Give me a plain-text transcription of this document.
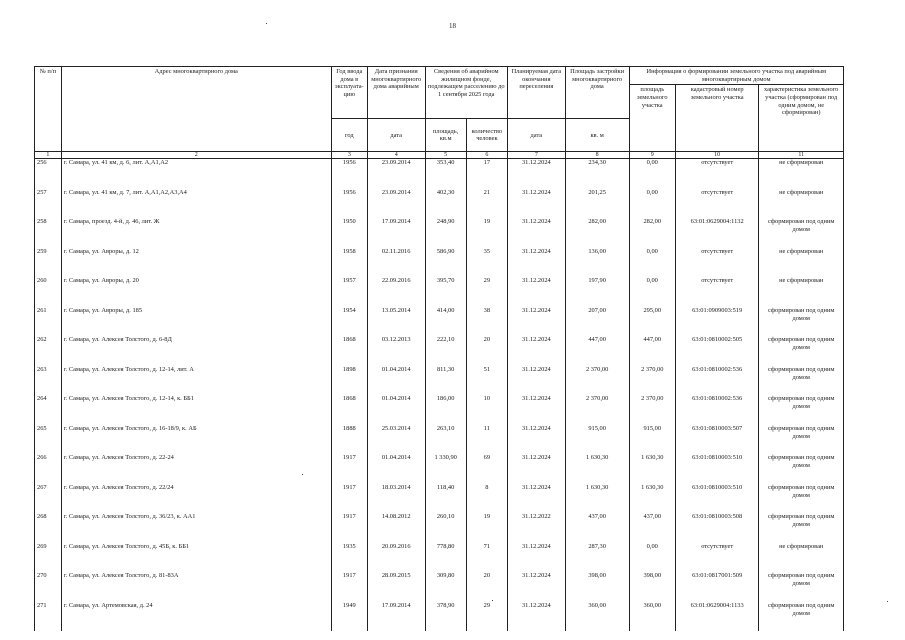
18
№ п/п	Адрес многоквартирного дома	Год ввода дома в эксплуата-цию	Дата признания многоквартирного дома аварийным	Сведения об аварийном жилищном фонде, подлежащем расселению до 1 сентября 2025 года		Планируемая дата окончания переселения	Площадь застройки многоквартирного дома	Информация о формировании земельного участка под аварийным многоквартирным домом		
								площадь земельного участка	кадастровый номер земельного участка	характеристика земельного участка (сформирован под одним домом, не сформирован)
		год	дата	площадь, кв.м	количество человек	дата	кв. м			
1	2	3	4	5	6	7	8	9	10	11
256	г. Самара, ул. 41 км, д. 6, лит. А,А1,А2	1956	23.09.2014	353,40	17	31.12.2024	234,30	0,00	отсутствует	не сформирован
257	г. Самара, ул. 41 км, д. 7, лит. А,А1,А2,А3,А4	1956	23.09.2014	402,30	21	31.12.2024	201,25	0,00	отсутствует	не сформирован
258	г. Самара, проезд. 4-й, д. 46, лит. Ж	1950	17.09.2014	248,90	19	31.12.2024	282,00	282,00	63:01:0629004:1132	сформирован под одним домом
259	г. Самара, ул. Авроры, д. 12	1958	02.11.2016	586,90	35	31.12.2024	136,00	0,00	отсутствует	не сформирован
260	г. Самара, ул. Авроры, д. 20	1957	22.09.2016	395,70	29	31.12.2024	197,90	0,00	отсутствует	не сформирован
261	г. Самара, ул. Авроры, д. 185	1954	13.05.2014	414,00	38	31.12.2024	207,00	295,00	63:01:0909003:519	сформирован под одним домом
262	г. Самара, ул. Алексея Толстого, д. 6-8Д	1868	03.12.2013	222,10	20	31.12.2024	447,00	447,00	63:01:0810002:505	сформирован под одним домом
263	г. Самара, ул. Алексея Толстого, д. 12-14, лит. А	1898	01.04.2014	811,30	51	31.12.2024	2 370,00	2 370,00	63:01:0810002:536	сформирован под одним домом
264	г. Самара, ул. Алексея Толстого, д. 12-14, к. ББ1	1868	01.04.2014	186,00	10	31.12.2024	2 370,00	2 370,00	63:01:0810002:536	сформирован под одним домом
265	г. Самара, ул. Алексея Толстого, д. 16-18/9, к. АБ	1888	25.03.2014	263,10	11	31.12.2024	915,00	915,00	63:01:0810003:507	сформирован под одним домом
266	г. Самара, ул. Алексея Толстого, д. 22-24	1917	01.04.2014	1 330,90	69	31.12.2024	1 630,30	1 630,30	63:01:0810003:510	сформирован под одним домом
267	г. Самара, ул. Алексея Толстого, д. 22/24	1917	18.03.2014	118,40	8	31.12.2024	1 630,30	1 630,30	63:01:0810003:510	сформирован под одним домом
268	г. Самара, ул. Алексея Толстого, д. 36/23, к. АА1	1917	14.08.2012	260,10	19	31.12.2022	437,00	437,00	63:01:0810003:508	сформирован под одним домом
269	г. Самара, ул. Алексея Толстого, д. 45Б, к. ББ1	1935	20.09.2016	778,80	71	31.12.2024	287,30	0,00	отсутствует	не сформирован
270	г. Самара, ул. Алексея Толстого, д. 81-83А	1917	28.09.2015	309,80	20	31.12.2024	398,00	398,00	63:01:0817001:509	сформирован под одним домом
271	г. Самара, ул. Артемовская, д. 24	1949	17.09.2014	378,90	29	31.12.2024	360,00	360,00	63:01:0629004:1133	сформирован под одним домом
